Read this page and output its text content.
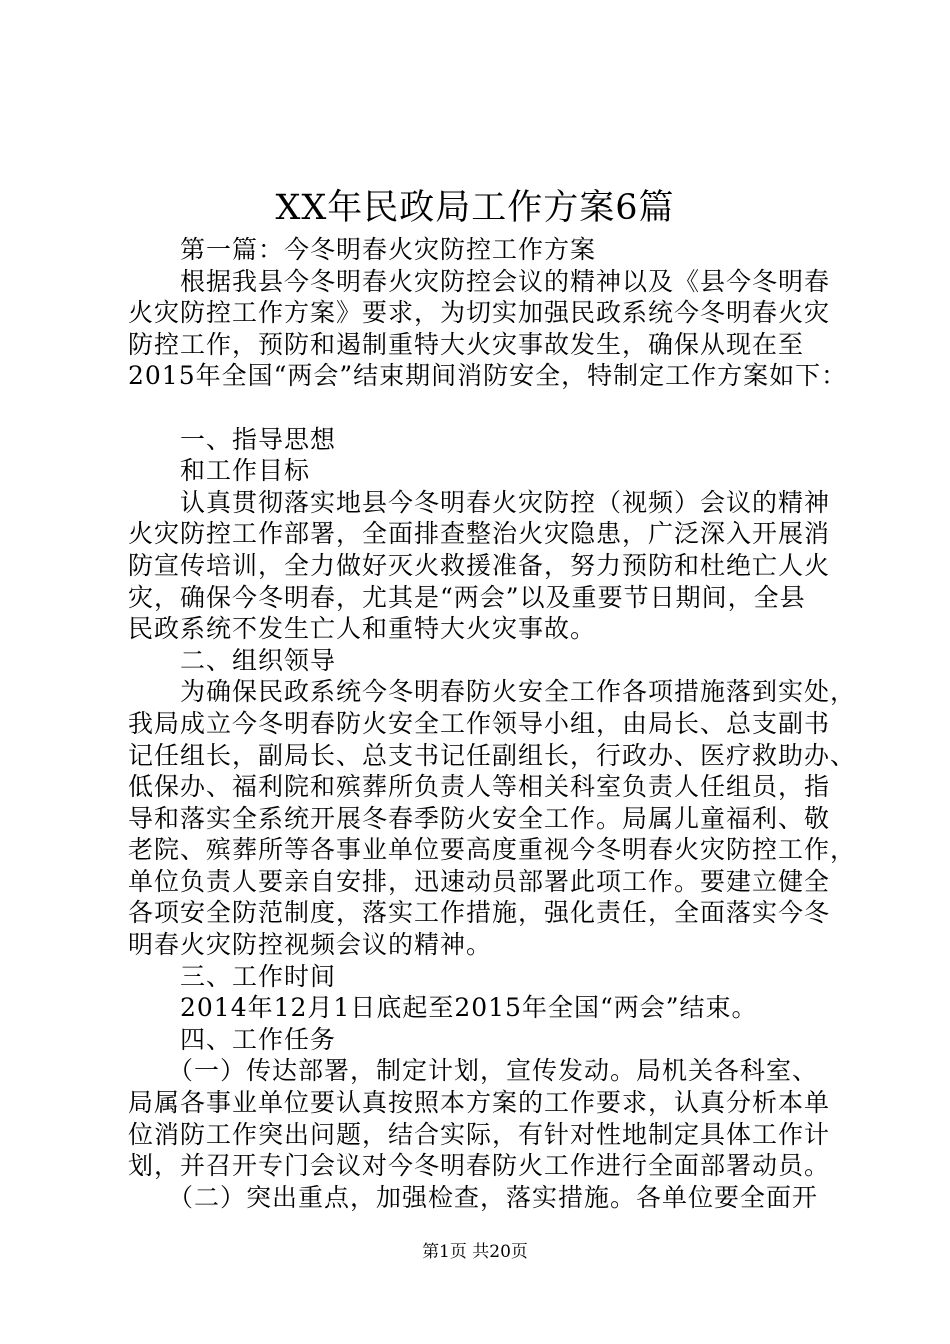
XX年民政局工作方案6篇
第一篇：今冬明春火灾防控工作方案
根据我县今冬明春火灾防控会议的精神以及《县今冬明春
火灾防控工作方案》要求，为切实加强民政系统今冬明春火灾
防控工作，预防和遏制重特大火灾事故发生，确保从现在至
2015年全国“两会”结束期间消防安全，特制定工作方案如下：
一、指导思想
和工作目标
认真贯彻落实地县今冬明春火灾防控（视频）会议的精神
火灾防控工作部署，全面排查整治火灾隐患，广泛深入开展消
防宣传培训，全力做好灭火救援准备，努力预防和杜绝亡人火
灾，确保今冬明春，尤其是“两会”以及重要节日期间，全县
民政系统不发生亡人和重特大火灾事故。
二、组织领导
为确保民政系统今冬明春防火安全工作各项措施落到实处，
我局成立今冬明春防火安全工作领导小组，由局长、总支副书
记任组长，副局长、总支书记任副组长，行政办、医疗救助办、
低保办、福利院和殡葬所负责人等相关科室负责人任组员，指
导和落实全系统开展冬春季防火安全工作。局属儿童福利、敬
老院、殡葬所等各事业单位要高度重视今冬明春火灾防控工作，
单位负责人要亲自安排，迅速动员部署此项工作。要建立健全
各项安全防范制度，落实工作措施，强化责任，全面落实今冬
明春火灾防控视频会议的精神。
三、工作时间
2014年12月1日底起至2015年全国“两会”结束。
四、工作任务
（一）传达部署，制定计划，宣传发动。局机关各科室、
局属各事业单位要认真按照本方案的工作要求，认真分析本单
位消防工作突出问题，结合实际，有针对性地制定具体工作计
划，并召开专门会议对今冬明春防火工作进行全面部署动员。
（二）突出重点，加强检查，落实措施。各单位要全面开
第1页 共20页
